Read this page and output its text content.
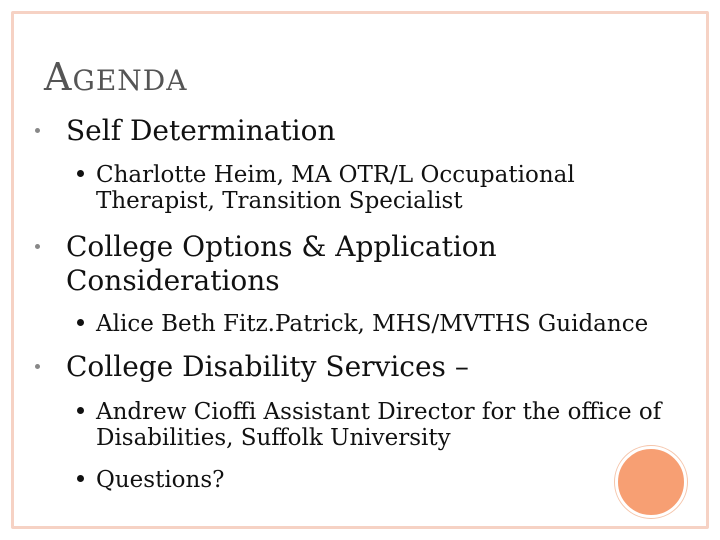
AGENDA
Self Determination
Charlotte Heim, MA OTR/L Occupational Therapist, Transition Specialist
College Options & Application Considerations
Alice Beth Fitz.Patrick, MHS/MVTHS Guidance
College Disability Services –
Andrew Cioffi Assistant Director for the office of Disabilities, Suffolk University
Questions?
